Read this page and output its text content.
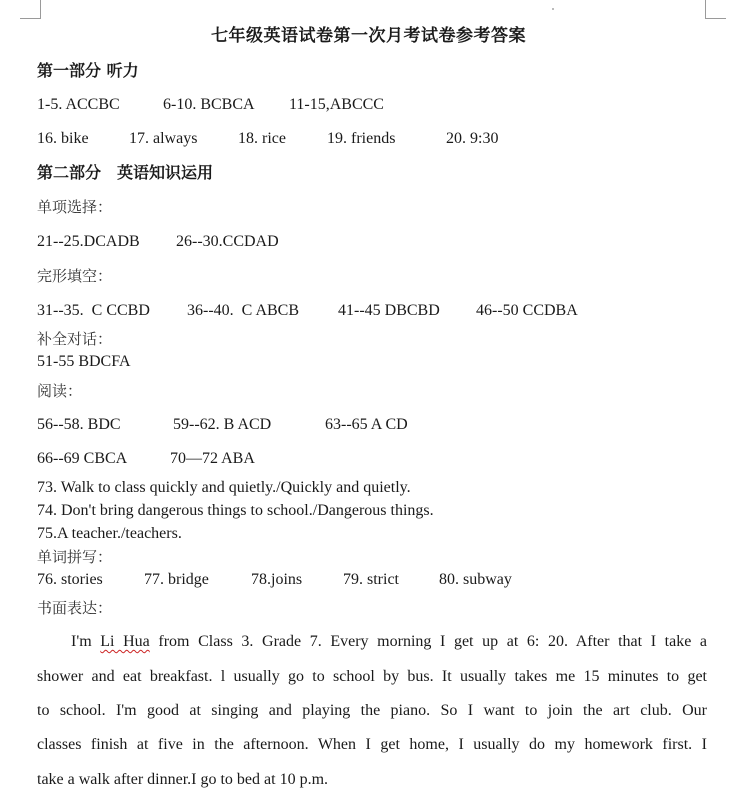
七年级英语试卷第一次月考试卷参考答案
第一部分 听力
1-5. ACCBC	6-10. BCBCA 11-15,ABCCC
16. bike	17. always	18. rice	19. friends	20. 9:30
第二部分　英语知识运用
单项选择：
21--25.DCADB 26--30.CCDAD
完形填空：
31--35.  C CCBD 36--40.  C ABCB 41--45 DBCBD 46--50 CCDBA
补全对话：
51-55 BDCFA
阅读：
56--58. BDC	59--62. B ACD	63--65 A CD
66--69 CBCA	70—72 ABA
73. Walk to class quickly and quietly./Quickly and quietly.
74. Don't bring dangerous things to school./Dangerous things.
75.A teacher./teachers.
单词拼写：
76. stories	77. bridge	78.joins	79. strict	80. subway
书面表达：
I'm Li Hua from Class 3. Grade 7. Every morning I get up at 6: 20. After that I take a
shower and eat breakfast. l usually go to school by bus. It usually takes me 15 minutes to get
to school. I'm good at singing and playing the piano. So I want to join the art club. Our
classes finish at five in the afternoon. When I get home, I usually do my homework first. I
take a walk after dinner.I go to bed at 10 p.m.
